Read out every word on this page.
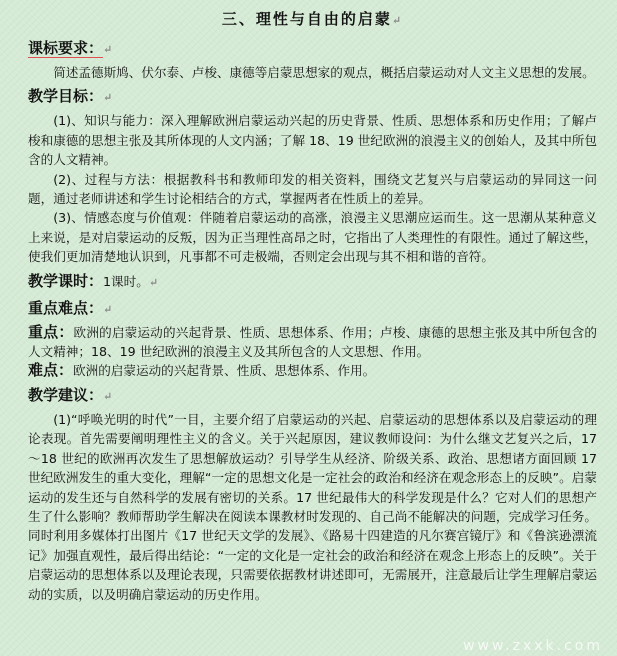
三、理性与自由的启蒙↵
课标要求：↵

简述孟德斯鸠、伏尔泰、卢梭、康德等启蒙思想家的观点，概括启蒙运动对人文主义思想的发展。

教学目标：↵

(1)、知识与能力：深入理解欧洲启蒙运动兴起的历史背景、性质、思想体系和历史作用；了解卢梭和康德的思想主张及其所体现的人文内涵；了解 18、19 世纪欧洲的浪漫主义的创始人，及其中所包含的人文精神。

(2)、过程与方法：根据教科书和教师印发的相关资料，围绕文艺复兴与启蒙运动的异同这一问题，通过老师讲述和学生讨论相结合的方式，掌握两者在性质上的差异。

(3)、情感态度与价值观：伴随着启蒙运动的高涨，浪漫主义思潮应运而生。这一思潮从某种意义上来说，是对启蒙运动的反叛，因为正当理性高昂之时，它指出了人类理性的有限性。通过了解这些，使我们更加清楚地认识到，凡事都不可走极端，否则定会出现与其不相和谐的音符。

教学课时：1课时。↵
重点难点：↵

重点：欧洲的启蒙运动的兴起背景、性质、思想体系、作用；卢梭、康德的思想主张及其中所包含的人文精神；18、19 世纪欧洲的浪漫主义及其所包含的人文思想、作用。

难点：欧洲的启蒙运动的兴起背景、性质、思想体系、作用。

教学建议：↵

(1)“呼唤光明的时代”一目，主要介绍了启蒙运动的兴起、启蒙运动的思想体系以及启蒙运动的理论表现。首先需要阐明理性主义的含义。关于兴起原因，建议教师设问：为什么继文艺复兴之后，17～18 世纪的欧洲再次发生了思想解放运动？引导学生从经济、阶级关系、政治、思想诸方面回顾 17 世纪欧洲发生的重大变化，理解“一定的思想文化是一定社会的政治和经济在观念形态上的反映”。启蒙运动的发生还与自然科学的发展有密切的关系。17 世纪最伟大的科学发现是什么？它对人们的思想产生了什么影响？教师帮助学生解决在阅读本课教材时发现的、自己尚不能解决的问题，完成学习任务。同时利用多媒体打出图片《17 世纪天文学的发展》、《路易十四建造的凡尔赛宫镜厅》和《鲁滨逊漂流记》加强直观性，最后得出结论：“一定的文化是一定社会的政治和经济在观念上形态上的反映”。关于启蒙运动的思想体系以及理论表现，只需要依据教材讲述即可，无需展开，注意最后让学生理解启蒙运动的实质，以及明确启蒙运动的历史作用。

www.zxxk.com
